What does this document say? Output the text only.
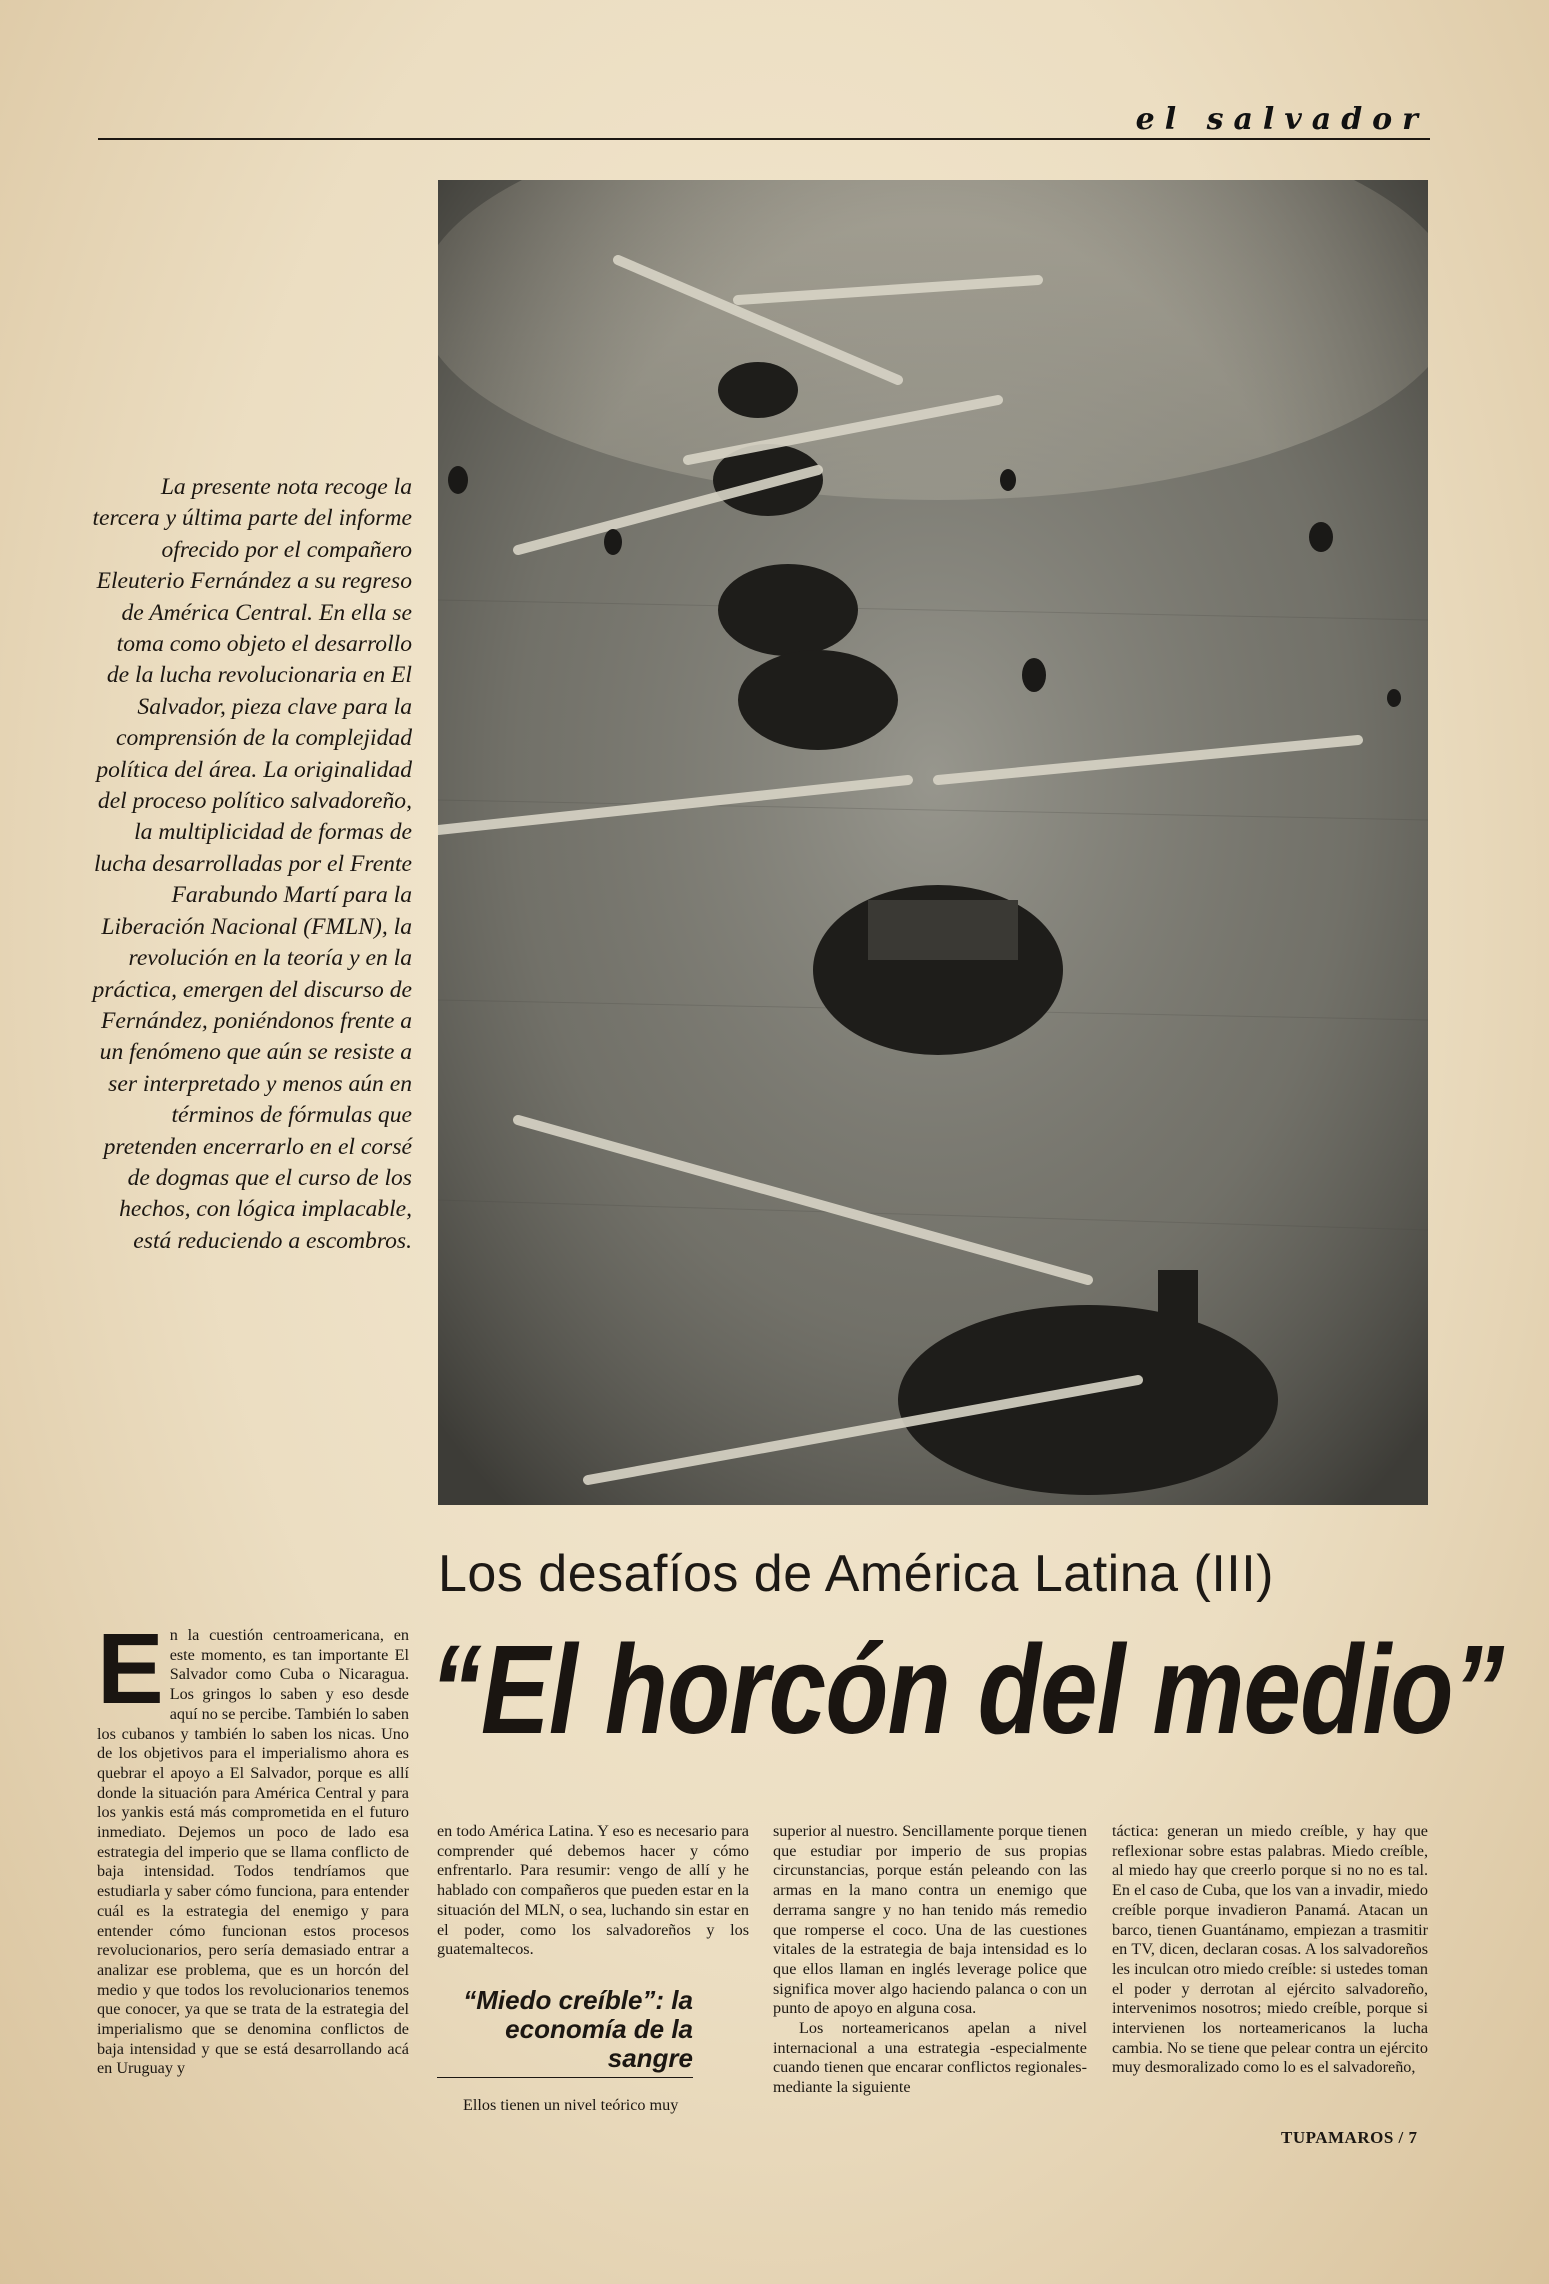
el salvador

La presente nota recoge la tercera y última parte del informe ofrecido por el compañero Eleuterio Fernández a su regreso de América Central. En ella se toma como objeto el desarrollo de la lucha revolucionaria en El Salvador, pieza clave para la comprensión de la complejidad política del área. La originalidad del proceso político salvadoreño, la multiplicidad de formas de lucha desarrolladas por el Frente Farabundo Martí para la Liberación Nacional (FMLN), la revolución en la teoría y en la práctica, emergen del discurso de Fernández, poniéndonos frente a un fenómeno que aún se resiste a ser interpretado y menos aún en términos de fórmulas que pretenden encerrarlo en el corsé de dogmas que el curso de los hechos, con lógica implacable, está reduciendo a escombros.

Los desafíos de América Latina (III)
“El horcón del medio”
E n la cuestión centroamericana, en este momento, es tan importante El Salvador como Cuba o Nicaragua. Los gringos lo saben y eso desde aquí no se percibe. También lo saben los cubanos y también lo saben los nicas. Uno de los objetivos para el imperialismo ahora es quebrar el apoyo a El Salvador, porque es allí donde la situación para América Central y para los yankis está más comprometida en el futuro inmediato. Dejemos un poco de lado esa estrategia del imperio que se llama conflicto de baja intensidad. Todos tendríamos que estudiarla y saber cómo funciona, para entender cuál es la estrategia del enemigo y para entender cómo funcionan estos procesos revolucionarios, pero sería demasiado entrar a analizar ese problema, que es un horcón del medio y que todos los revolucionarios tenemos que conocer, ya que se trata de la estrategia del imperialismo que se denomina conflictos de baja intensidad y que se está desarrollando acá en Uruguay y

en todo América Latina. Y eso es necesario para comprender qué debemos hacer y cómo enfrentarlo. Para resumir: vengo de allí y he hablado con compañeros que pueden estar en la situación del MLN, o sea, luchando sin estar en el poder, como los salvadoreños y los guatemaltecos.

“Miedo creíble”: la economía de la sangre
Ellos tienen un nivel teórico muy

superior al nuestro. Sencillamente porque tienen que estudiar por imperio de sus propias circunstancias, porque están peleando con las armas en la mano contra un enemigo que derrama sangre y no han tenido más remedio que romperse el coco. Una de las cuestiones vitales de la estrategia de baja intensidad es lo que ellos llaman en inglés leverage police que significa mover algo haciendo palanca o con un punto de apoyo en alguna cosa.

Los norteamericanos apelan a nivel internacional a una estrategia -especialmente cuando tienen que encarar conflictos regionales- mediante la siguiente

táctica: generan un miedo creíble, y hay que reflexionar sobre estas palabras. Miedo creíble, al miedo hay que creerlo porque si no no es tal. En el caso de Cuba, que los van a invadir, miedo creíble porque invadieron Panamá. Atacan un barco, tienen Guantánamo, empiezan a trasmitir en TV, dicen, declaran cosas. A los salvadoreños les inculcan otro miedo creíble: si ustedes toman el poder y derrotan al ejército salvadoreño, intervenimos nosotros; miedo creíble, porque si intervienen los norteamericanos la lucha cambia. No se tiene que pelear contra un ejército muy desmoralizado como lo es el salvadoreño,

TUPAMAROS / 7
